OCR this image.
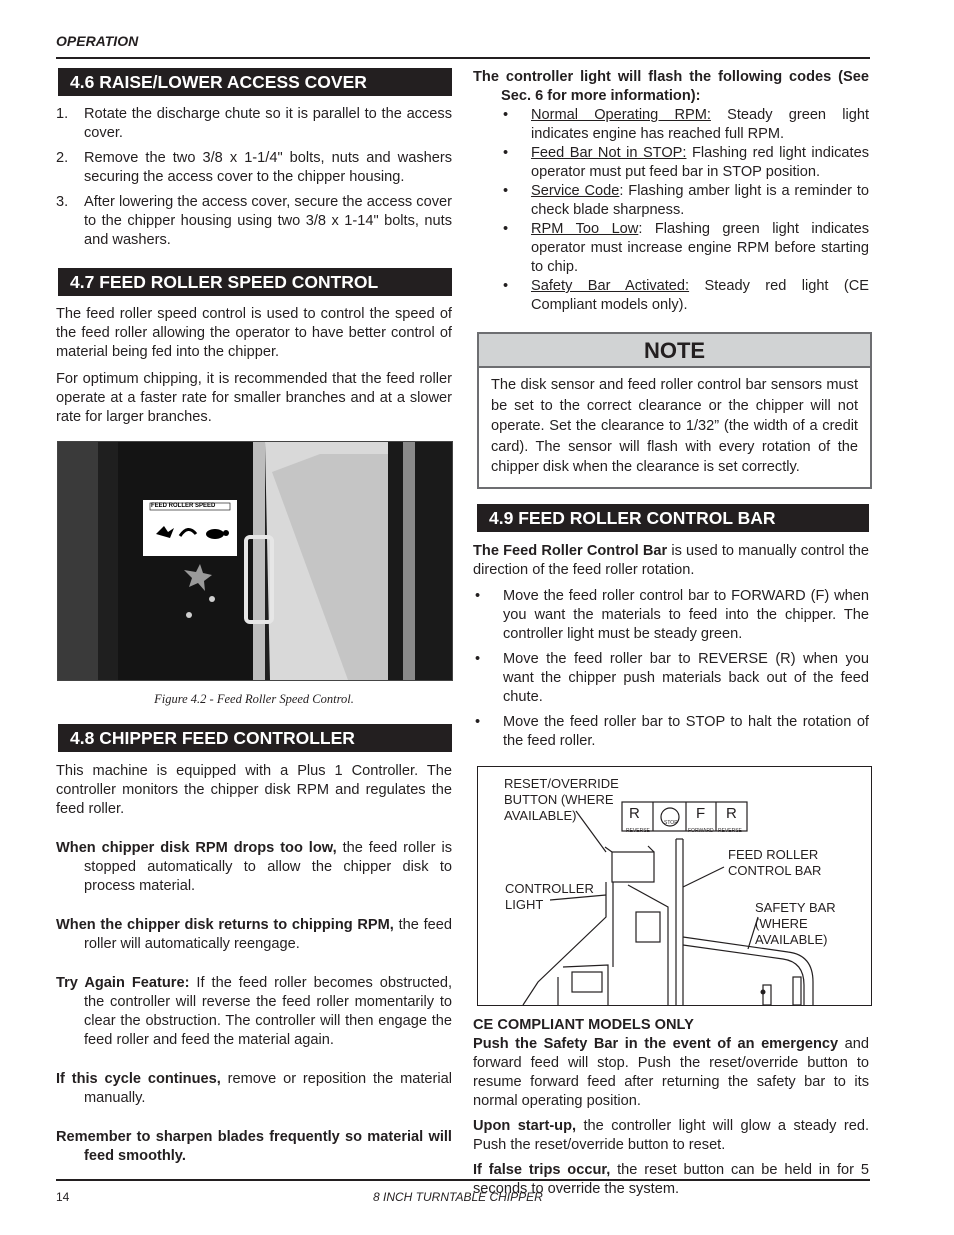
OPERATION
4.6 RAISE/LOWER ACCESS COVER
1.	Rotate the discharge chute so it is parallel to the access cover.
2.	Remove the two 3/8 x 1-1/4" bolts, nuts and washers securing the access cover to the chipper housing.
3.	After lowering the access cover, secure the access cover to the chipper housing using two 3/8 x 1-14" bolts, nuts and washers.
4.7 FEED ROLLER SPEED CONTROL

The feed roller speed control is used to control the speed of the feed roller allowing the operator to have better control of material being fed into the chipper.

For optimum chipping, it is recommended that the feed roller operate at a faster rate for smaller branches and at a slower rate for larger branches.

FEED ROLLER SPEED
Figure 4.2 - Feed Roller Speed Control.
4.8 CHIPPER FEED CONTROLLER

This machine is equipped with a Plus 1 Controller. The controller monitors the chipper disk RPM and regulates the feed roller.

When chipper disk RPM drops too low, the feed roller is stopped automatically to allow the chipper disk to process material.

When the chipper disk returns to chipping RPM, the feed roller will automatically reengage.

Try Again Feature: If the feed roller becomes obstructed, the controller will reverse the feed roller momentarily to clear the obstruction. The controller will then engage the feed roller and feed the material again.

If this cycle continues, remove or reposition the material manually.

Remember to sharpen blades frequently so material will feed smoothly.

The controller light will flash the following codes (See Sec. 6 for more information):

•	Normal Operating RPM: Steady green light indicates engine has reached full RPM.
•	Feed Bar Not in STOP: Flashing red light indicates operator must put feed bar in STOP position.
•	Service Code: Flashing amber light is a reminder to check blade sharpness.
•	RPM Too Low: Flashing green light indicates operator must increase engine RPM before starting to chip.
•	Safety Bar Activated: Steady red light (CE Compliant models only).
NOTE
The disk sensor and feed roller control bar sensors must be set to the correct clearance or the chipper will not operate. Set the clearance to 1/32” (the width of a credit card). The sensor will flash with every rotation of the chipper disk when the clearance is set correctly.
4.9 FEED ROLLER CONTROL BAR

The Feed Roller Control Bar is used to manually control the direction of the feed roller rotation.

•	Move the feed roller control bar to FORWARD (F) when you want the materials to feed into the chipper. The controller light must be steady green.
•	Move the feed roller bar to REVERSE (R) when you want the chipper push materials back out of the feed chute.
•	Move the feed roller bar to STOP to halt the rotation of the feed roller.
RESET/OVERRIDE
BUTTON (WHERE
AVAILABLE)
CONTROLLER
LIGHT
FEED ROLLER
CONTROL BAR
SAFETY BAR
(WHERE
AVAILABLE)
R
REVERSE
STOP
F
FORWARD
R
REVERSE
CE COMPLIANT MODELS ONLY

Push the Safety Bar in the event of an emergency and forward feed will stop. Push the reset/override button to resume forward feed after returning the safety bar to its normal operating position.

Upon start-up, the controller light will glow a steady red. Push the reset/override button to reset.

If false trips occur, the reset button can be held in for 5 seconds to override the system.

14	8 INCH TURNTABLE CHIPPER
